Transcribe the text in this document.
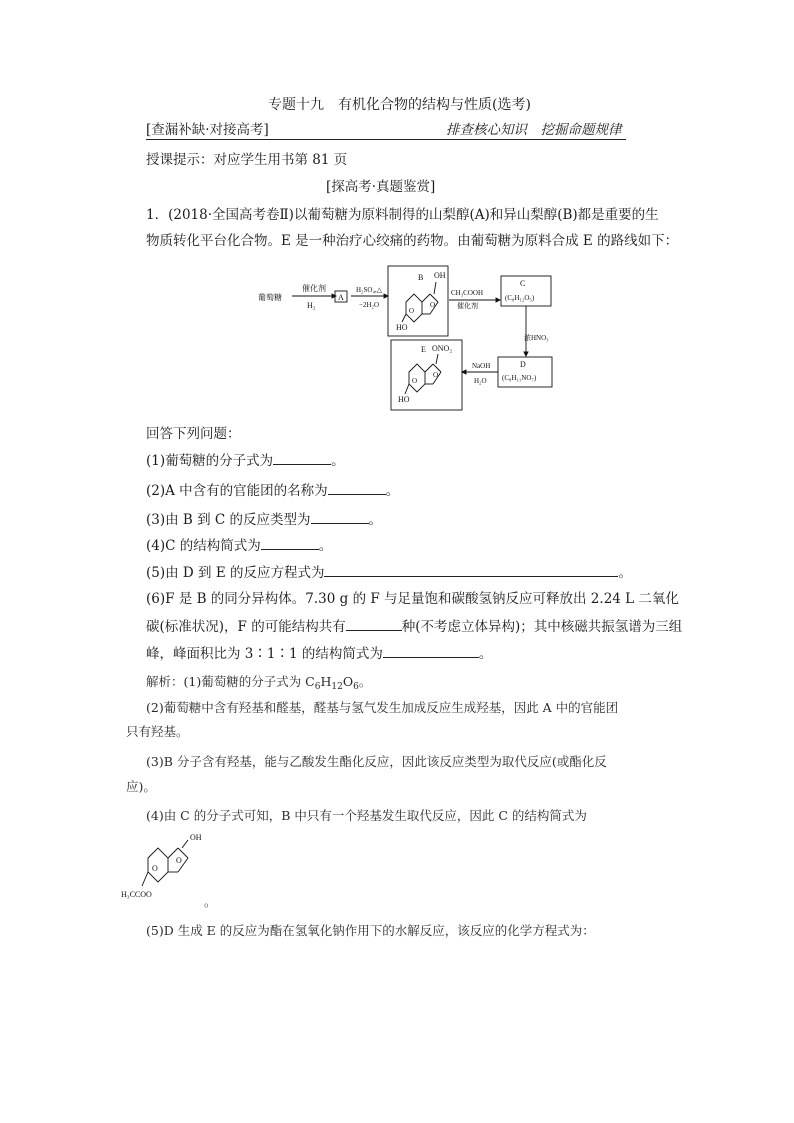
专题十九　有机化合物的结构与性质(选考)
[查漏补缺·对接高考]	排查核心知识　挖掘命题规律
授课提示：对应学生用书第 81 页
[探高考·真题鉴赏]
1．(2018·全国高考卷Ⅱ)以葡萄糖为原料制得的山梨醇(A)和异山梨醇(B)都是重要的生
物质转化平台化合物。E 是一种治疗心绞痛的药物。由葡萄糖为原料合成 E 的路线如下：
葡萄糖
催化剂
H₂
A
H₂SO₄,△
−2H₂O
B OH
HO
CH₃COOH
催化剂
C
(C₈H₁₂O₅)
浓HNO₃
D
(C₈H₁₁NO₇)
NaOH
H₂O
E ONO₂
HO
O
O
O
O
回答下列问题：
(1)葡萄糖的分子式为	。
(2)A 中含有的官能团的名称为	。
(3)由 B 到 C 的反应类型为	。
(4)C 的结构简式为	。
(5)由 D 到 E 的反应方程式为	。
(6)F 是 B 的同分异构体。7.30 g 的 F 与足量饱和碳酸氢钠反应可释放出 2.24 L 二氧化
碳(标准状况)，F 的可能结构共有	种(不考虑立体异构)；其中核磁共振氢谱为三组
峰，峰面积比为 3∶1∶1 的结构简式为	。
解析：(1)葡萄糖的分子式为 $C_6H_{12}O_6$。
(2)葡萄糖中含有羟基和醛基，醛基与氢气发生加成反应生成羟基，因此 A 中的官能团
只有羟基。
(3)B 分子含有羟基，能与乙酸发生酯化反应，因此该反应类型为取代反应(或酯化反
应)。
(4)由 C 的分子式可知，B 中只有一个羟基发生取代反应，因此 C 的结构简式为
OH
H₃CCOO
O
O
。
(5)D 生成 E 的反应为酯在氢氧化钠作用下的水解反应，该反应的化学方程式为：
